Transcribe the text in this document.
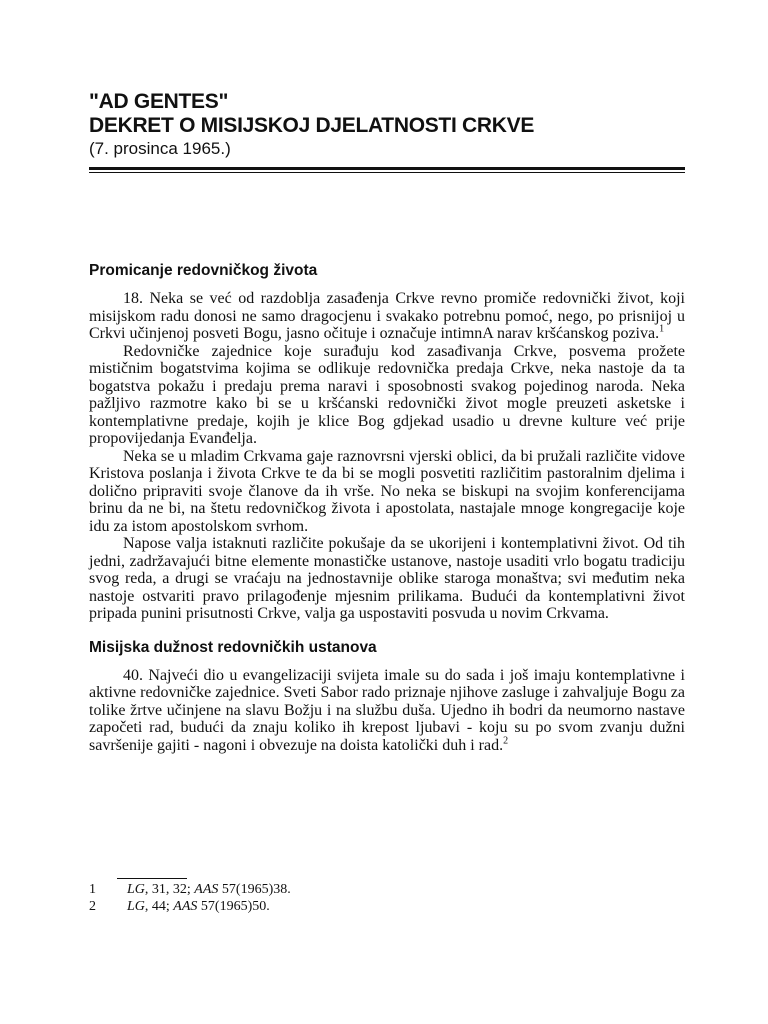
"AD GENTES"
DEKRET O MISIJSKOJ DJELATNOSTI CRKVE
(7. prosinca 1965.)
Promicanje redovničkog života

18. Neka se već od razdoblja zasađenja Crkve revno promiče redovnički život, koji misijskom radu donosi ne samo dragocjenu i svakako potrebnu pomoć, nego, po prisnijoj u Crkvi učinjenoj posveti Bogu, jasno očituje i označuje intimnA narav kršćanskog poziva.$^1$

Redovničke zajednice koje surađuju kod zasađivanja Crkve, posvema prožete mističnim bogatstvima kojima se odlikuje redovnička predaja Crkve, neka nastoje da ta bogatstva pokažu i predaju prema naravi i sposobnosti svakog pojedinog naroda. Neka pažljivo razmotre kako bi se u kršćanski redovnički život mogle preuzeti asketske i kontemplativne predaje, kojih je klice Bog gdjekad usadio u drevne kulture već prije propovijedanja Evanđelja.

Neka se u mladim Crkvama gaje raznovrsni vjerski oblici, da bi pružali različite vidove Kristova poslanja i života Crkve te da bi se mogli posvetiti različitim pastoralnim djelima i dolično pripraviti svoje članove da ih vrše. No neka se biskupi na svojim konferencijama brinu da ne bi, na štetu redovničkog života i apostolata, nastajale mnoge kongregacije koje idu za istom apostolskom svrhom.

Napose valja istaknuti različite pokušaje da se ukorijeni i kontemplativni život. Od tih jedni, zadržavajući bitne elemente monastičke ustanove, nastoje usaditi vrlo bogatu tradiciju svog reda, a drugi se vraćaju na jednostavnije oblike staroga monaštva; svi međutim neka nastoje ostvariti pravo prilagođenje mjesnim prilikama. Budući da kontemplativni život pripada punini prisutnosti Crkve, valja ga uspostaviti posvuda u novim Crkvama.

Misijska dužnost redovničkih ustanova

40. Najveći dio u evangelizaciji svijeta imale su do sada i još imaju kontemplativne i aktivne redovničke zajednice. Sveti Sabor rado priznaje njihove zasluge i zahvaljuje Bogu za tolike žrtve učinjene na slavu Božju i na službu duša. Ujedno ih bodri da neumorno nastave započeti rad, budući da znaju koliko ih krepost ljubavi - koju su po svom zvanju dužni savršenije gajiti - nagoni i obvezuje na doista katolički duh i rad.$^2$

1 LG, 31, 32; AAS 57(1965)38.
2 LG, 44; AAS 57(1965)50.
